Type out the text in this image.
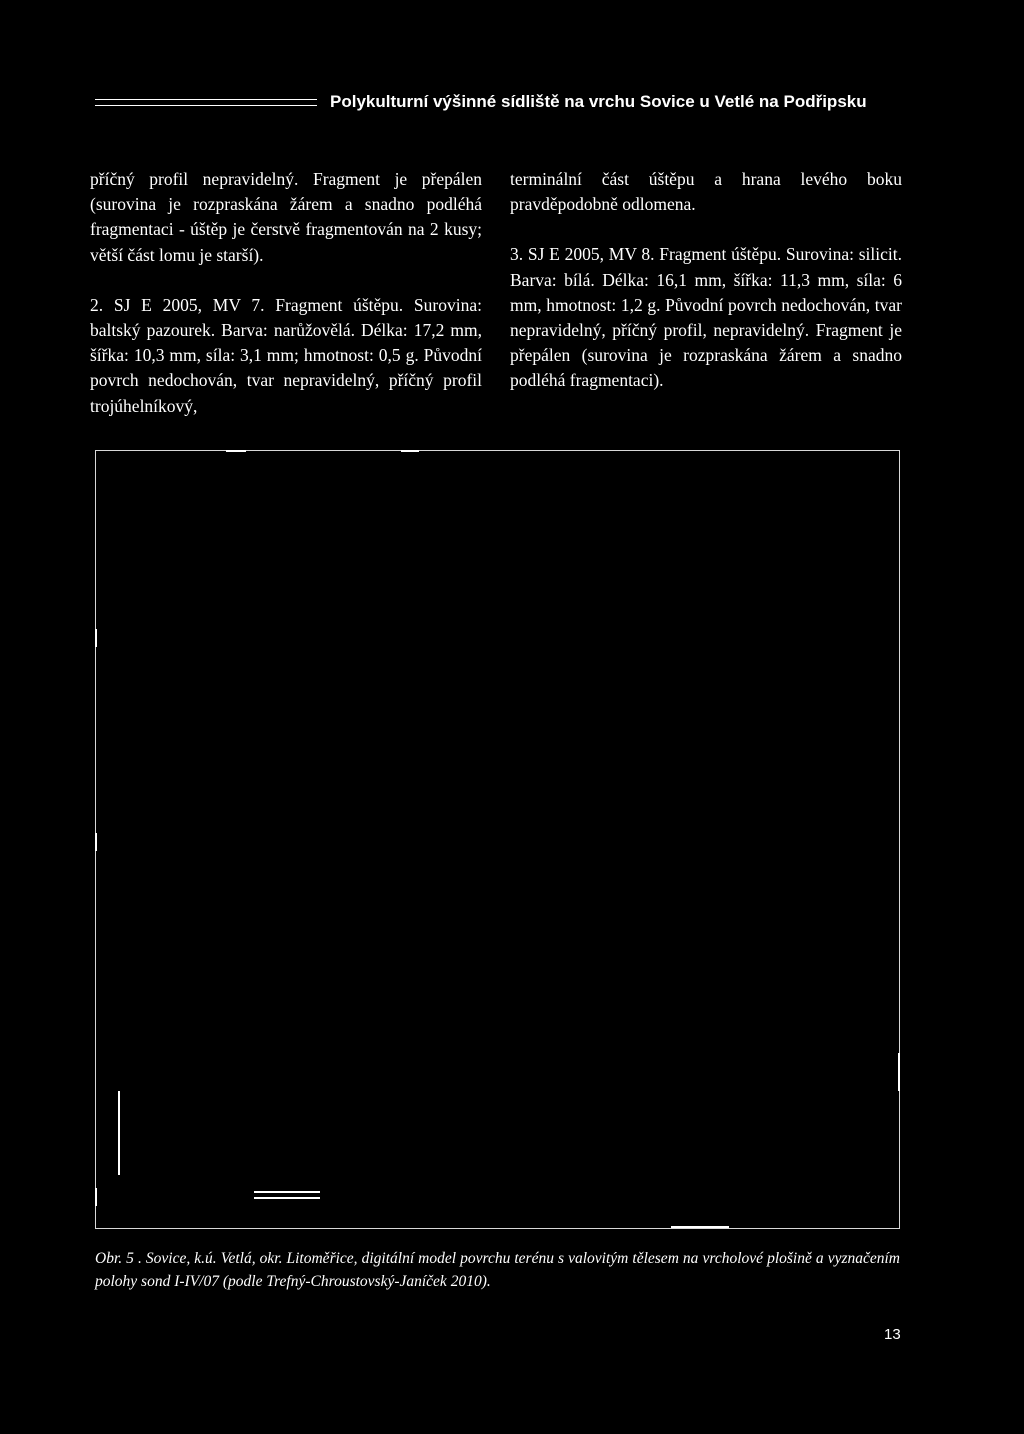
Polykulturní výšinné sídliště na vrchu Sovice u Vetlé na Podřipsku

příčný profil nepravidelný. Fragment je přepálen (surovina je rozpraskána žárem a snadno podléhá fragmentaci - úštěp je čerstvě fragmentován na 2 kusy; větší část lomu je starší).

2. SJ E 2005, MV 7. Fragment úštěpu. Surovina: baltský pazourek. Barva: narůžovělá. Délka: 17,2 mm, šířka: 10,3 mm, síla: 3,1 mm; hmotnost: 0,5 g. Původní povrch nedochován, tvar nepravidelný, příčný profil trojúhelníkový,

terminální část úštěpu a hrana levého boku pravděpodobně odlomena.

3. SJ E 2005, MV 8. Fragment úštěpu. Surovina: silicit. Barva: bílá. Délka: 16,1 mm, šířka: 11,3 mm, síla: 6 mm, hmotnost: 1,2 g. Původní povrch nedochován, tvar nepravidelný, příčný profil, nepravidelný. Fragment je přepálen (surovina je rozpraskána žárem a snadno podléhá fragmentaci).

Obr. 5 . Sovice, k.ú. Vetlá, okr. Litoměřice, digitální model povrchu terénu s valovitým tělesem na vrcholové plošině a vyznačením polohy sond I-IV/07 (podle Trefný-Chroustovský-Janíček 2010).
13
